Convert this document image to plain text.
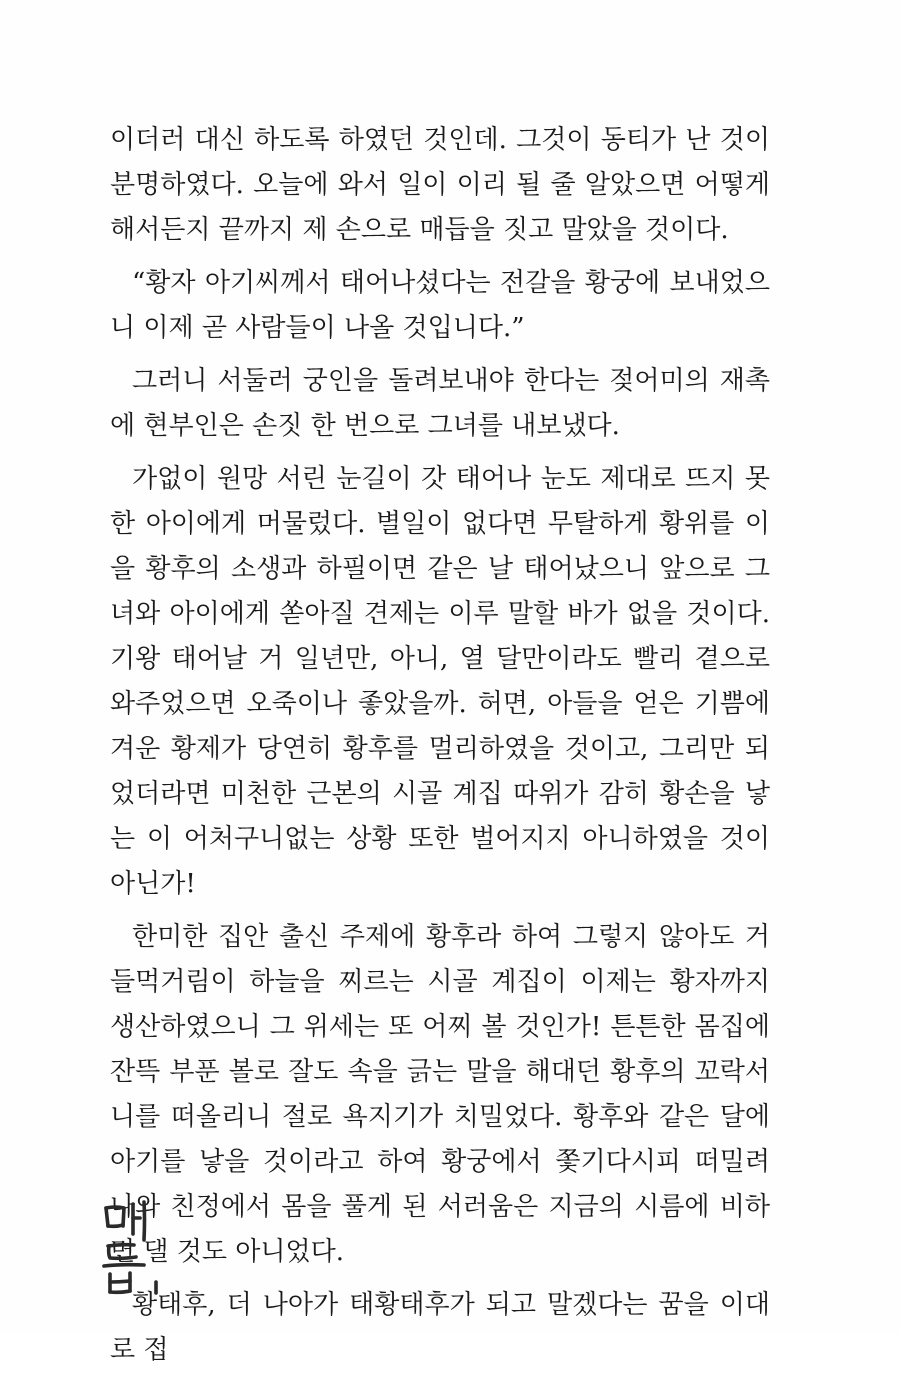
이더러 대신 하도록 하였던 것인데. 그것이 동티가 난 것이 분명하였다. 오늘에 와서 일이 이리 될 줄 알았으면 어떻게 해서든지 끝까지 제 손으로 매듭을 짓고 말았을 것이다.

“황자 아기씨께서 태어나셨다는 전갈을 황궁에 보내었으니 이제 곧 사람들이 나올 것입니다.”

그러니 서둘러 궁인을 돌려보내야 한다는 젖어미의 재촉에 현부인은 손짓 한 번으로 그녀를 내보냈다.

가없이 원망 서린 눈길이 갓 태어나 눈도 제대로 뜨지 못한 아이에게 머물렀다. 별일이 없다면 무탈하게 황위를 이을 황후의 소생과 하필이면 같은 날 태어났으니 앞으로 그녀와 아이에게 쏟아질 견제는 이루 말할 바가 없을 것이다. 기왕 태어날 거 일년만, 아니, 열 달만이라도 빨리 곁으로 와주었으면 오죽이나 좋았을까. 허면, 아들을 얻은 기쁨에 겨운 황제가 당연히 황후를 멀리하였을 것이고, 그리만 되었더라면 미천한 근본의 시골 계집 따위가 감히 황손을 낳는 이 어처구니없는 상황 또한 벌어지지 아니하였을 것이 아닌가!

한미한 집안 출신 주제에 황후라 하여 그렇지 않아도 거들먹거림이 하늘을 찌르는 시골 계집이 이제는 황자까지 생산하였으니 그 위세는 또 어찌 볼 것인가! 튼튼한 몸집에 잔뜩 부푼 볼로 잘도 속을 긁는 말을 해대던 황후의 꼬락서니를 떠올리니 절로 욕지기가 치밀었다. 황후와 같은 달에 아기를 낳을 것이라고 하여 황궁에서 쫓기다시피 떠밀려 나와 친정에서 몸을 풀게 된 서러움은 지금의 시름에 비하면 댈 것도 아니었다.

황태후, 더 나아가 태황태후가 되고 말겠다는 꿈을 이대로 접
